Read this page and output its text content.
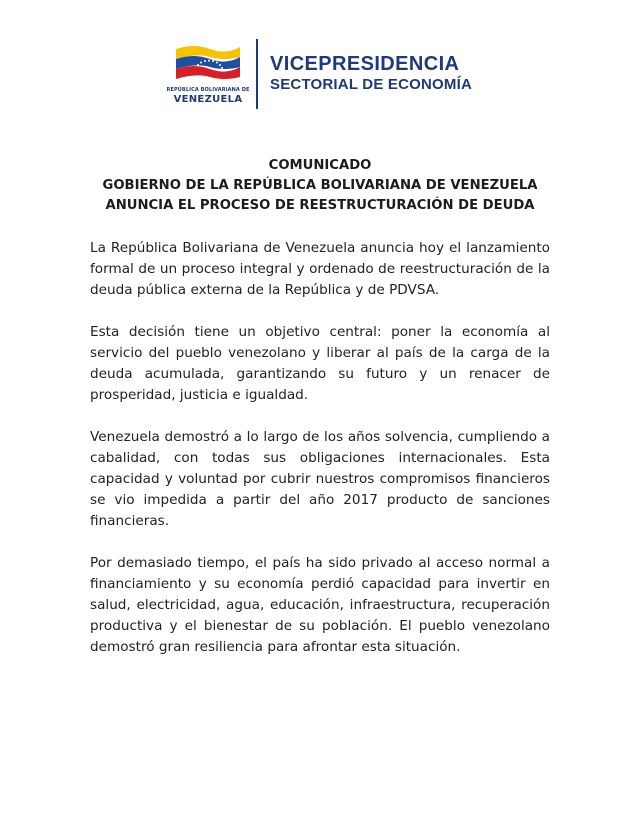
REPÚBLICA BOLIVARIANA DE
VENEZUELA
VICEPRESIDENCIA
SECTORIAL DE ECONOMÍA
COMUNICADO
GOBIERNO DE LA REPÚBLICA BOLIVARIANA DE VENEZUELA
ANUNCIA EL PROCESO DE REESTRUCTURACIÓN DE DEUDA

La República Bolivariana de Venezuela anuncia hoy el lanzamiento formal de un proceso integral y ordenado de reestructuración de la deuda pública externa de la República y de PDVSA.

Esta decisión tiene un objetivo central: poner la economía al servicio del pueblo venezolano y liberar al país de la carga de la deuda acumulada, garantizando su futuro y un renacer de prosperidad, justicia e igualdad.

Venezuela demostró a lo largo de los años solvencia, cumpliendo a cabalidad, con todas sus obligaciones internacionales. Esta capacidad y voluntad por cubrir nuestros compromisos financieros se vio impedida a partir del año 2017 producto de sanciones financieras.

Por demasiado tiempo, el país ha sido privado al acceso normal a financiamiento y su economía perdió capacidad para invertir en salud, electricidad, agua, educación, infraestructura, recuperación productiva y el bienestar de su población. El pueblo venezolano demostró gran resiliencia para afrontar esta situación.
